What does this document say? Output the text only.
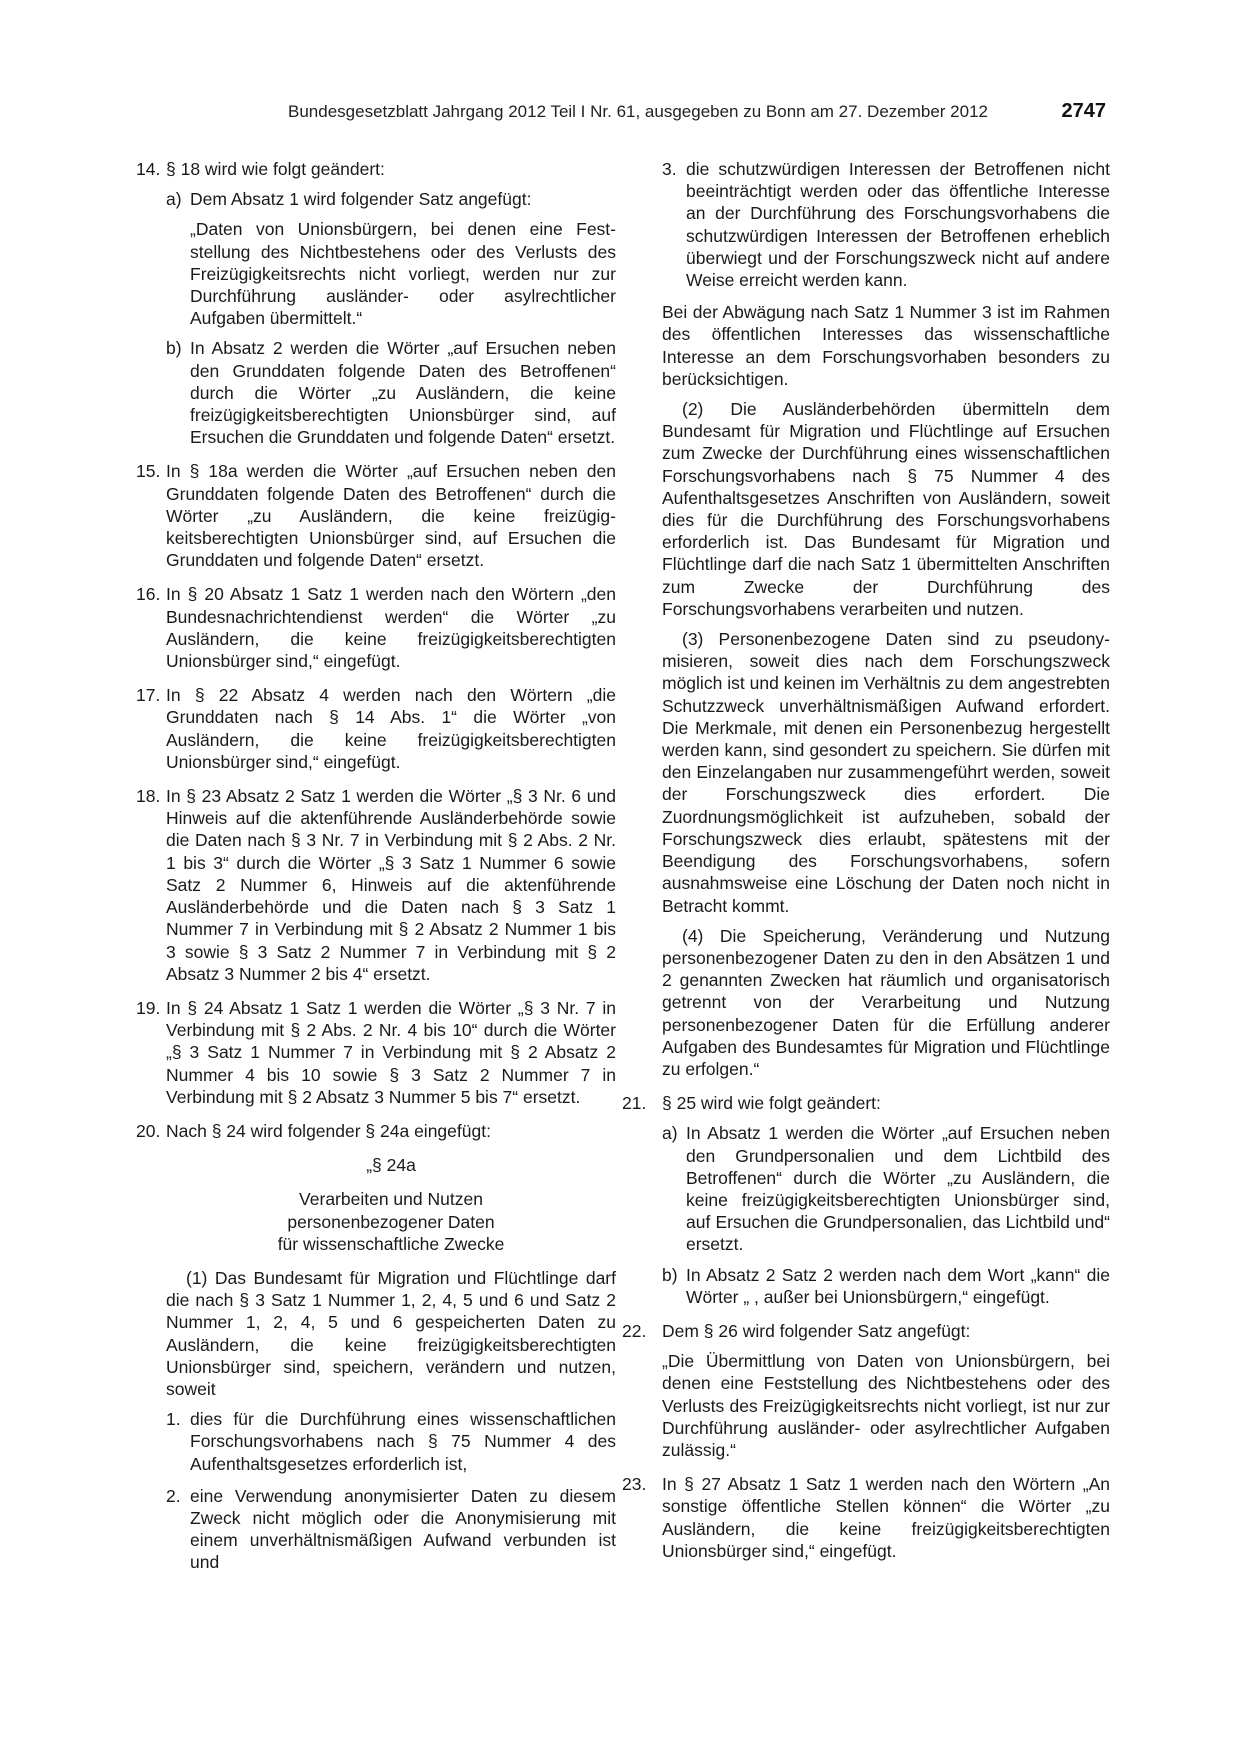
Bundesgesetzblatt Jahrgang 2012 Teil I Nr. 61, ausgegeben zu Bonn am 27. Dezember 2012	2747
14. § 18 wird wie folgt geändert:
a) Dem Absatz 1 wird folgender Satz angefügt:
„Daten von Unionsbürgern, bei denen eine Feststellung des Nichtbestehens oder des Verlusts des Freizügigkeitsrechts nicht vorliegt, werden nur zur Durchführung ausländer- oder asylrechtlicher Aufgaben übermittelt.“
b) In Absatz 2 werden die Wörter „auf Ersuchen neben den Grunddaten folgende Daten des Betroffenen“ durch die Wörter „zu Ausländern, die keine freizügigkeitsberechtigten Unionsbürger sind, auf Ersuchen die Grunddaten und folgende Daten“ ersetzt.
15. In § 18a werden die Wörter „auf Ersuchen neben den Grunddaten folgende Daten des Betroffenen“ durch die Wörter „zu Ausländern, die keine freizügigkeitsberechtigten Unionsbürger sind, auf Ersuchen die Grunddaten und folgende Daten“ ersetzt.
16. In § 20 Absatz 1 Satz 1 werden nach den Wörtern „den Bundesnachrichtendienst werden“ die Wörter „zu Ausländern, die keine freizügigkeitsberechtigten Unionsbürger sind,“ eingefügt.
17. In § 22 Absatz 4 werden nach den Wörtern „die Grunddaten nach § 14 Abs. 1“ die Wörter „von Ausländern, die keine freizügigkeitsberechtigten Unionsbürger sind,“ eingefügt.
18. In § 23 Absatz 2 Satz 1 werden die Wörter „§ 3 Nr. 6 und Hinweis auf die aktenführende Ausländerbehörde sowie die Daten nach § 3 Nr. 7 in Verbindung mit § 2 Abs. 2 Nr. 1 bis 3“ durch die Wörter „§ 3 Satz 1 Nummer 6 sowie Satz 2 Nummer 6, Hinweis auf die aktenführende Ausländerbehörde und die Daten nach § 3 Satz 1 Nummer 7 in Verbindung mit § 2 Absatz 2 Nummer 1 bis 3 sowie § 3 Satz 2 Nummer 7 in Verbindung mit § 2 Absatz 3 Nummer 2 bis 4“ ersetzt.
19. In § 24 Absatz 1 Satz 1 werden die Wörter „§ 3 Nr. 7 in Verbindung mit § 2 Abs. 2 Nr. 4 bis 10“ durch die Wörter „§ 3 Satz 1 Nummer 7 in Verbindung mit § 2 Absatz 2 Nummer 4 bis 10 sowie § 3 Satz 2 Nummer 7 in Verbindung mit § 2 Absatz 3 Nummer 5 bis 7“ ersetzt.
20. Nach § 24 wird folgender § 24a eingefügt:

„§ 24a

Verarbeiten und Nutzen

personenbezogener Daten

für wissenschaftliche Zwecke

(1) Das Bundesamt für Migration und Flüchtlinge darf die nach § 3 Satz 1 Nummer 1, 2, 4, 5 und 6 und Satz 2 Nummer 1, 2, 4, 5 und 6 gespeicherten Daten zu Ausländern, die keine freizügigkeitsberechtigten Unionsbürger sind, speichern, verändern und nutzen, soweit

1. dies für die Durchführung eines wissenschaftlichen Forschungsvorhabens nach § 75 Nummer 4 des Aufenthaltsgesetzes erforderlich ist,
2. eine Verwendung anonymisierter Daten zu diesem Zweck nicht möglich oder die Anonymisierung mit einem unverhältnismäßigen Aufwand verbunden ist und
3. die schutzwürdigen Interessen der Betroffenen nicht beeinträchtigt werden oder das öffentliche Interesse an der Durchführung des Forschungsvorhabens die schutzwürdigen Interessen der Betroffenen erheblich überwiegt und der Forschungszweck nicht auf andere Weise erreicht werden kann.

Bei der Abwägung nach Satz 1 Nummer 3 ist im Rahmen des öffentlichen Interesses das wissenschaftliche Interesse an dem Forschungsvorhaben besonders zu berücksichtigen.

(2) Die Ausländerbehörden übermitteln dem Bundesamt für Migration und Flüchtlinge auf Ersuchen zum Zwecke der Durchführung eines wissenschaftlichen Forschungsvorhabens nach § 75 Nummer 4 des Aufenthaltsgesetzes Anschriften von Ausländern, soweit dies für die Durchführung des Forschungsvorhabens erforderlich ist. Das Bundesamt für Migration und Flüchtlinge darf die nach Satz 1 übermittelten Anschriften zum Zwecke der Durchführung des Forschungsvorhabens verarbeiten und nutzen.

(3) Personenbezogene Daten sind zu pseudonymisieren, soweit dies nach dem Forschungszweck möglich ist und keinen im Verhältnis zu dem angestrebten Schutzzweck unverhältnismäßigen Aufwand erfordert. Die Merkmale, mit denen ein Personenbezug hergestellt werden kann, sind gesondert zu speichern. Sie dürfen mit den Einzelangaben nur zusammengeführt werden, soweit der Forschungszweck dies erfordert. Die Zuordnungsmöglichkeit ist aufzuheben, sobald der Forschungszweck dies erlaubt, spätestens mit der Beendigung des Forschungsvorhabens, sofern ausnahmsweise eine Löschung der Daten noch nicht in Betracht kommt.

(4) Die Speicherung, Veränderung und Nutzung personenbezogener Daten zu den in den Absätzen 1 und 2 genannten Zwecken hat räumlich und organisatorisch getrennt von der Verarbeitung und Nutzung personenbezogener Daten für die Erfüllung anderer Aufgaben des Bundesamtes für Migration und Flüchtlinge zu erfolgen.“

21. § 25 wird wie folgt geändert:
a) In Absatz 1 werden die Wörter „auf Ersuchen neben den Grundpersonalien und dem Lichtbild des Betroffenen“ durch die Wörter „zu Ausländern, die keine freizügigkeitsberechtigten Unionsbürger sind, auf Ersuchen die Grundpersonalien, das Lichtbild und“ ersetzt.
b) In Absatz 2 Satz 2 werden nach dem Wort „kann“ die Wörter „ , außer bei Unionsbürgern,“ eingefügt.
22. Dem § 26 wird folgender Satz angefügt:
„Die Übermittlung von Daten von Unionsbürgern, bei denen eine Feststellung des Nichtbestehens oder des Verlusts des Freizügigkeitsrechts nicht vorliegt, ist nur zur Durchführung ausländer- oder asylrechtlicher Aufgaben zulässig.“
23. In § 27 Absatz 1 Satz 1 werden nach den Wörtern „An sonstige öffentliche Stellen können“ die Wörter „zu Ausländern, die keine freizügigkeitsberechtigten Unionsbürger sind,“ eingefügt.
